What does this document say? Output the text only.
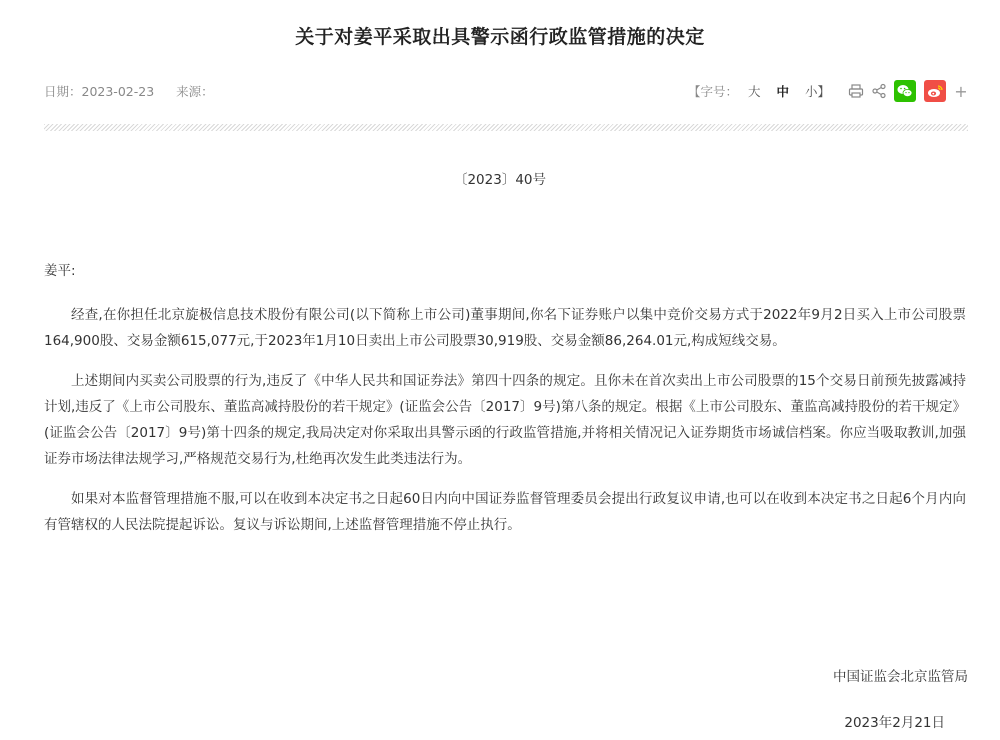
关于对姜平采取出具警示函行政监管措施的决定
日期：2023-02-23 来源：	【字号： 大 中 小】	+
〔2023〕40号

姜平:

经查,在你担任北京旋极信息技术股份有限公司(以下简称上市公司)董事期间,你名下证券账户以集中竞价交易方式于2022年9月2日买入上市公司股票164,900股、交易金额615,077元,于2023年1月10日卖出上市公司股票30,919股、交易金额86,264.01元,构成短线交易。

上述期间内买卖公司股票的行为,违反了《中华人民共和国证券法》第四十四条的规定。且你未在首次卖出上市公司股票的15个交易日前预先披露减持计划,违反了《上市公司股东、董监高减持股份的若干规定》(证监会公告〔2017〕9号)第八条的规定。根据《上市公司股东、董监高减持股份的若干规定》(证监会公告〔2017〕9号)第十四条的规定,我局决定对你采取出具警示函的行政监管措施,并将相关情况记入证券期货市场诚信档案。你应当吸取教训,加强证券市场法律法规学习,严格规范交易行为,杜绝再次发生此类违法行为。

如果对本监督管理措施不服,可以在收到本决定书之日起60日内向中国证券监督管理委员会提出行政复议申请,也可以在收到本决定书之日起6个月内向有管辖权的人民法院提起诉讼。复议与诉讼期间,上述监督管理措施不停止执行。

中国证监会北京监管局
2023年2月21日
